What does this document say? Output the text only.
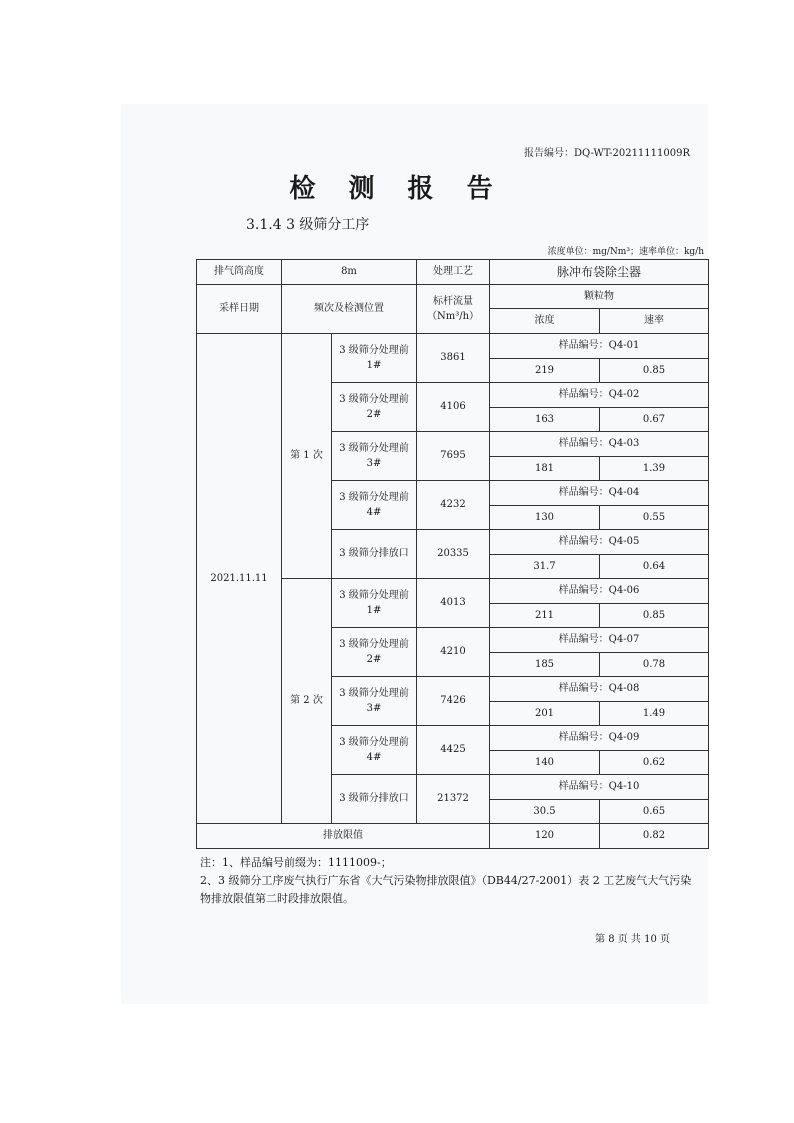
报告编号：DQ-WT-20211111009R
检 测 报 告
3.1.4 3 级筛分工序
浓度单位：mg/Nm³；速率单位：kg/h
排气筒高度	8m		处理工艺	脉冲布袋除尘器	
采样日期	频次及检测位置		标杆流量（Nm³/h）	颗粒物	
				浓度	速率
2021.11.11	第 1 次	3 级筛分处理前 1#	3861	样品编号：Q4-01	
				219	0.85
		3 级筛分处理前 2#	4106	样品编号：Q4-02	
				163	0.67
		3 级筛分处理前 3#	7695	样品编号：Q4-03	
				181	1.39
		3 级筛分处理前 4#	4232	样品编号：Q4-04	
				130	0.55
		3 级筛分排放口	20335	样品编号：Q4-05	
				31.7	0.64
	第 2 次	3 级筛分处理前 1#	4013	样品编号：Q4-06	
				211	0.85
		3 级筛分处理前 2#	4210	样品编号：Q4-07	
				185	0.78
		3 级筛分处理前 3#	7426	样品编号：Q4-08	
				201	1.49
		3 级筛分处理前 4#	4425	样品编号：Q4-09	
				140	0.62
		3 级筛分排放口	21372	样品编号：Q4-10	
				30.5	0.65
排放限值				120	0.82
注：1、样品编号前缀为：1111009-；
2、3 级筛分工序废气执行广东省《大气污染物排放限值》（DB44/27-2001）表 2 工艺废气大气污染物排放限值第二时段排放限值。
第 8 页 共 10 页
